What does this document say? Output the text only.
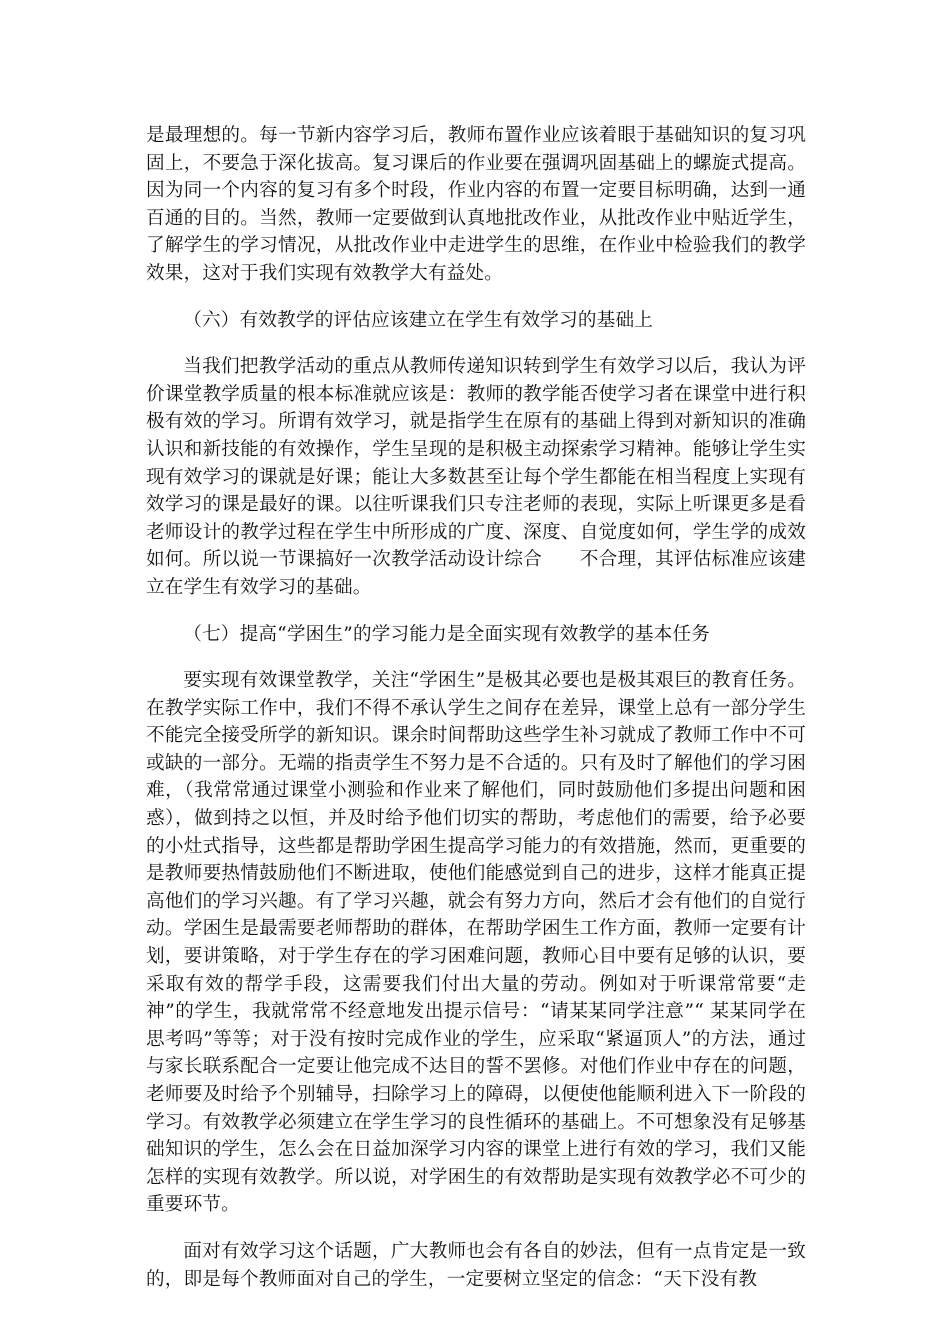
是最理想的。每一节新内容学习后，教师布置作业应该着眼于基础知识的复习巩固上，不要急于深化拔高。复习课后的作业要在强调巩固基础上的螺旋式提高。因为同一个内容的复习有多个时段，作业内容的布置一定要目标明确，达到一通百通的目的。当然，教师一定要做到认真地批改作业，从批改作业中贴近学生，了解学生的学习情况，从批改作业中走进学生的思维，在作业中检验我们的教学效果，这对于我们实现有效教学大有益处。

（六）有效教学的评估应该建立在学生有效学习的基础上

当我们把教学活动的重点从教师传递知识转到学生有效学习以后，我认为评价课堂教学质量的根本标准就应该是：教师的教学能否使学习者在课堂中进行积极有效的学习。所谓有效学习，就是指学生在原有的基础上得到对新知识的准确认识和新技能的有效操作，学生呈现的是积极主动探索学习精神。能够让学生实现有效学习的课就是好课；能让大多数甚至让每个学生都能在相当程度上实现有效学习的课是最好的课。以往听课我们只专注老师的表现，实际上听课更多是看老师设计的教学过程在学生中所形成的广度、深度、自觉度如何，学生学的成效如何。所以说一节课搞好一次教学活动设计综合　　不合理，其评估标准应该建立在学生有效学习的基础。

（七）提高“学困生”的学习能力是全面实现有效教学的基本任务

要实现有效课堂教学，关注“学困生”是极其必要也是极其艰巨的教育任务。在教学实际工作中，我们不得不承认学生之间存在差异，课堂上总有一部分学生不能完全接受所学的新知识。课余时间帮助这些学生补习就成了教师工作中不可或缺的一部分。无端的指责学生不努力是不合适的。只有及时了解他们的学习困难，（我常常通过课堂小测验和作业来了解他们，同时鼓励他们多提出问题和困惑），做到持之以恒，并及时给予他们切实的帮助，考虑他们的需要，给予必要的小灶式指导，这些都是帮助学困生提高学习能力的有效措施，然而，更重要的是教师要热情鼓励他们不断进取，使他们能感觉到自己的进步，这样才能真正提高他们的学习兴趣。有了学习兴趣，就会有努力方向，然后才会有他们的自觉行动。学困生是最需要老师帮助的群体，在帮助学困生工作方面，教师一定要有计划，要讲策略，对于学生存在的学习困难问题，教师心目中要有足够的认识，要采取有效的帮学手段，这需要我们付出大量的劳动。例如对于听课常常要“走神”的学生，我就常常不经意地发出提示信号：“请某某同学注意”“ 某某同学在思考吗”等等；对于没有按时完成作业的学生，应采取“紧逼顶人”的方法，通过与家长联系配合一定要让他完成不达目的誓不罢修。对他们作业中存在的问题，老师要及时给予个别辅导，扫除学习上的障碍，以便使他能顺利进入下一阶段的学习。有效教学必须建立在学生学习的良性循环的基础上。不可想象没有足够基础知识的学生，怎么会在日益加深学习内容的课堂上进行有效的学习，我们又能怎样的实现有效教学。所以说，对学困生的有效帮助是实现有效教学必不可少的重要环节。

面对有效学习这个话题，广大教师也会有各自的妙法，但有一点肯定是一致的，即是每个教师面对自己的学生，一定要树立坚定的信念：“天下没有教
